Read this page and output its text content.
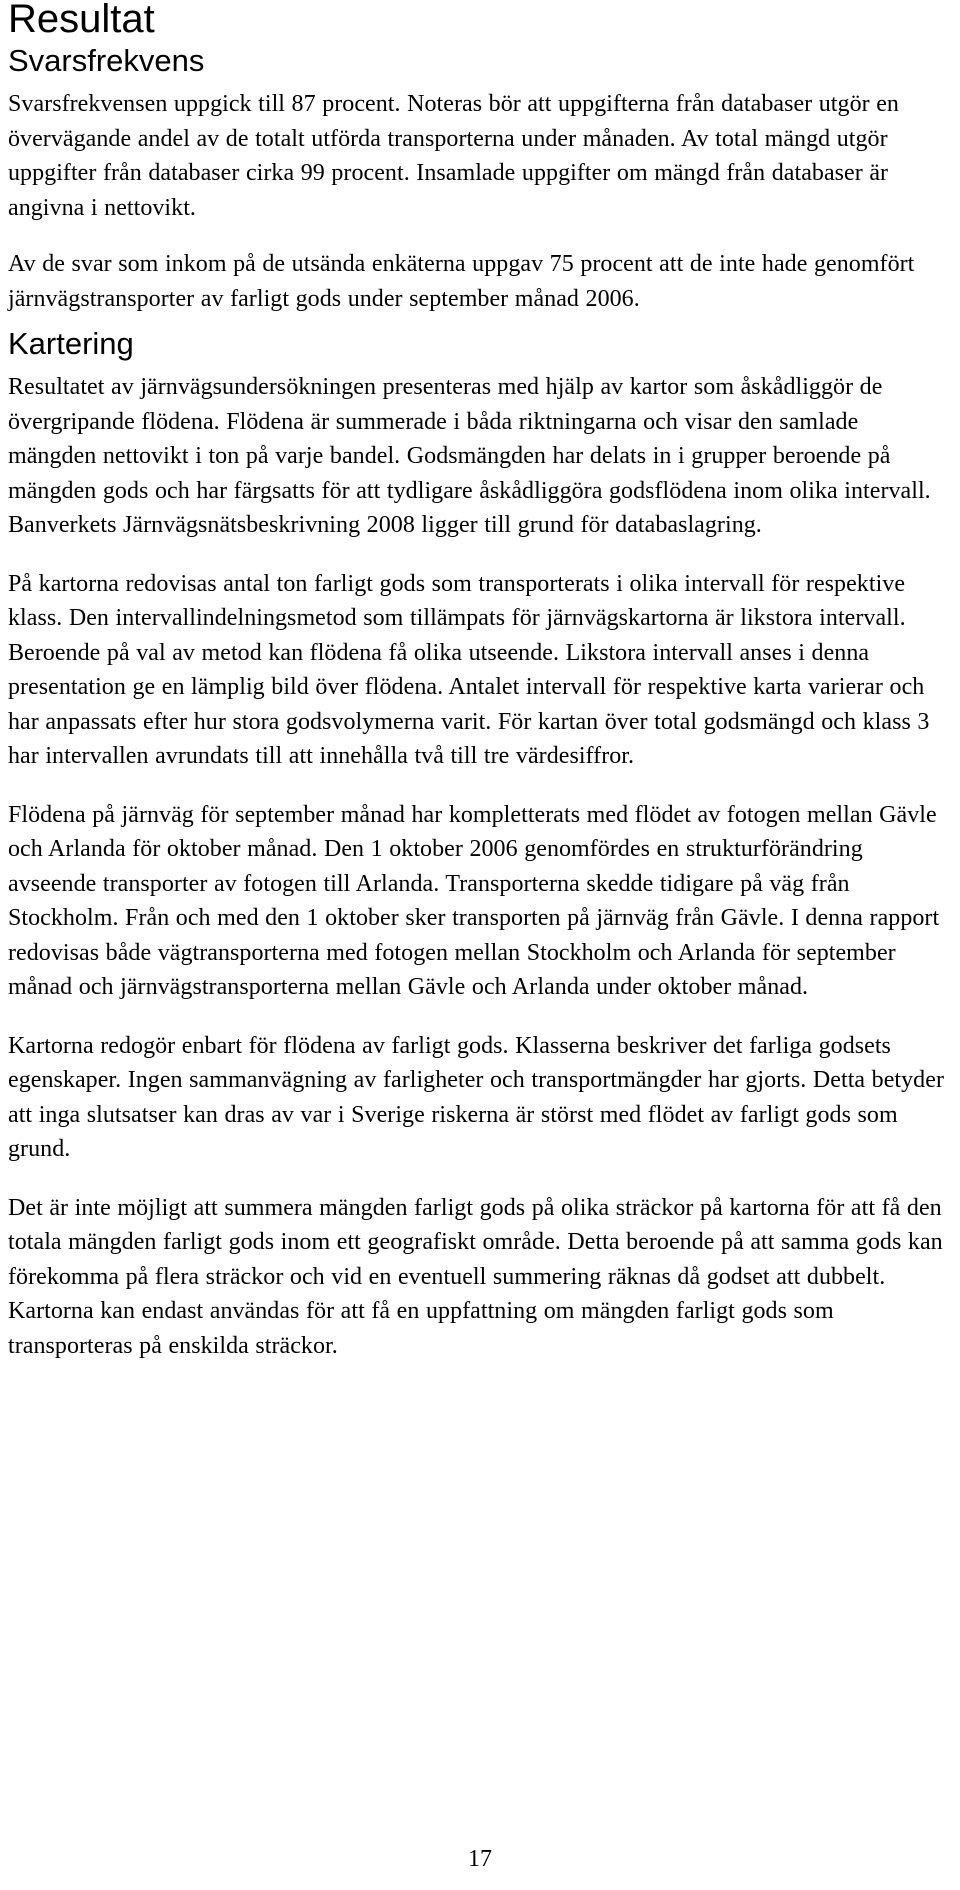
Resultat
Svarsfrekvens

Svarsfrekvensen uppgick till 87 procent. Noteras bör att uppgifterna från databaser utgör en övervägande andel av de totalt utförda transporterna under månaden. Av total mängd utgör uppgifter från databaser cirka 99 procent. Insamlade uppgifter om mängd från databaser är angivna i nettovikt.

Av de svar som inkom på de utsända enkäterna uppgav 75 procent att de inte hade genomfört järnvägstransporter av farligt gods under september månad 2006.

Kartering

Resultatet av järnvägsundersökningen presenteras med hjälp av kartor som åskådliggör de övergripande flödena. Flödena är summerade i båda riktningarna och visar den samlade mängden nettovikt i ton på varje bandel. Godsmängden har delats in i grupper beroende på mängden gods och har färgsatts för att tydligare åskådliggöra godsflödena inom olika intervall. Banverkets Järnvägsnätsbeskrivning 2008 ligger till grund för databaslagring.

På kartorna redovisas antal ton farligt gods som transporterats i olika intervall för respektive klass. Den intervallindelningsmetod som tillämpats för järnvägskartorna är likstora intervall. Beroende på val av metod kan flödena få olika utseende. Likstora intervall anses i denna presentation ge en lämplig bild över flödena. Antalet intervall för respektive karta varierar och har anpassats efter hur stora godsvolymerna varit. För kartan över total godsmängd och klass 3 har intervallen avrundats till att innehålla två till tre värdesiffror.

Flödena på järnväg för september månad har kompletterats med flödet av fotogen mellan Gävle och Arlanda för oktober månad. Den 1 oktober 2006 genomfördes en strukturförändring avseende transporter av fotogen till Arlanda. Transporterna skedde tidigare på väg från Stockholm. Från och med den 1 oktober sker transporten på järnväg från Gävle. I denna rapport redovisas både vägtransporterna med fotogen mellan Stockholm och Arlanda för september månad och järnvägstransporterna mellan Gävle och Arlanda under oktober månad.

Kartorna redogör enbart för flödena av farligt gods. Klasserna beskriver det farliga godsets egenskaper. Ingen sammanvägning av farligheter och transportmängder har gjorts. Detta betyder att inga slutsatser kan dras av var i Sverige riskerna är störst med flödet av farligt gods som grund.

Det är inte möjligt att summera mängden farligt gods på olika sträckor på kartorna för att få den totala mängden farligt gods inom ett geografiskt område. Detta beroende på att samma gods kan förekomma på flera sträckor och vid en eventuell summering räknas då godset att dubbelt. Kartorna kan endast användas för att få en uppfattning om mängden farligt gods som transporteras på enskilda sträckor.

17
